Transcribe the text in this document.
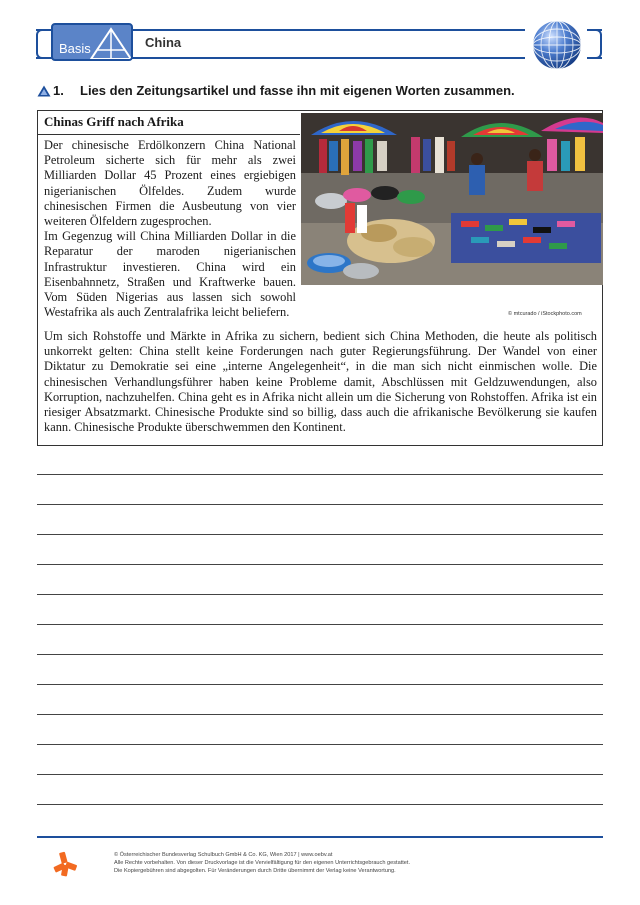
Basis	China
1. Lies den Zeitungsartikel und fasse ihn mit eigenen Worten zusammen.
Chinas Griff nach Afrika
Der chinesische Erdölkonzern China National Petroleum sicherte sich für mehr als zwei Milliarden Dollar 45 Prozent eines ergiebigen nigerianischen Ölfeldes. Zudem wurde chinesischen Firmen die Ausbeutung von vier weiteren Ölfeldern zugesprochen.
Im Gegenzug will China Milliarden Dollar in die Reparatur der maroden nigerianischen Infrastruktur investieren. China wird ein Eisenbahnnetz, Straßen und Kraftwerke bauen. Vom Süden Nigerias aus lassen sich sowohl Westafrika als auch Zentralafrika leicht beliefern.	© mtcurado / iStockphoto.com
Um sich Rohstoffe und Märkte in Afrika zu sichern, bedient sich China Methoden, die heute als politisch unkorrekt gelten: China stellt keine Forderungen nach guter Regierungsführung. Der Wandel von einer Diktatur zu Demokratie sei eine „interne Angelegenheit“, in die man sich nicht einmischen wolle. Die chinesischen Verhandlungsführer haben keine Probleme damit, Abschlüssen mit Geldzuwendungen, also Korruption, nachzuhelfen. China geht es in Afrika nicht allein um die Sicherung von Rohstoffen. Afrika ist ein riesiger Absatzmarkt. Chinesische Produkte sind so billig, dass auch die afrikanische Bevölkerung sie kaufen kann. Chinesische Produkte überschwemmen den Kontinent.
© Österreichischer Bundesverlag Schulbuch GmbH & Co. KG, Wien 2017 | www.oebv.at
Alle Rechte vorbehalten. Von dieser Druckvorlage ist die Vervielfältigung für den eigenen Unterrichtsgebrauch gestattet.
Die Kopiergebühren sind abgegolten. Für Veränderungen durch Dritte übernimmt der Verlag keine Verantwortung.
